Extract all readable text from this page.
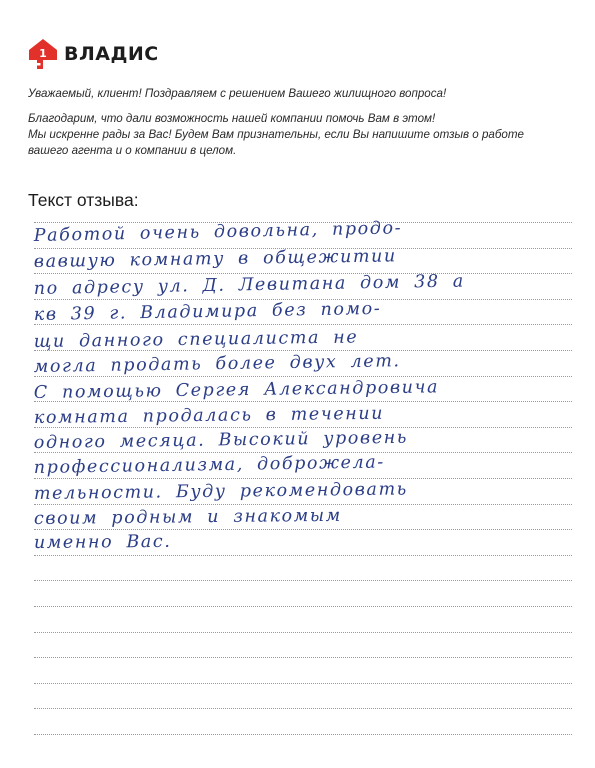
1 ВЛАДИС

Уважаемый, клиент! Поздравляем с решением Вашего жилищного вопроса!

Благодарим, что дали возможность нашей компании помочь Вам в этом!

Мы искренне рады за Вас! Будем Вам признательны, если Вы напишите отзыв о работе

вашего агента и о компании в целом.

Текст отзыва:
Работой очень довольна, продо-
вавшую комнату в общежитии
по адресу ул. Д. Левитана дом 38 а
кв 39 г. Владимира без помо-
щи данного специалиста не
могла продать более двух лет.
С помощью Сергея Александровича
комната продалась в течении
одного месяца. Высокий уровень
профессионализма, доброжела-
тельности. Буду рекомендовать
своим родным и знакомым
именно Вас.
